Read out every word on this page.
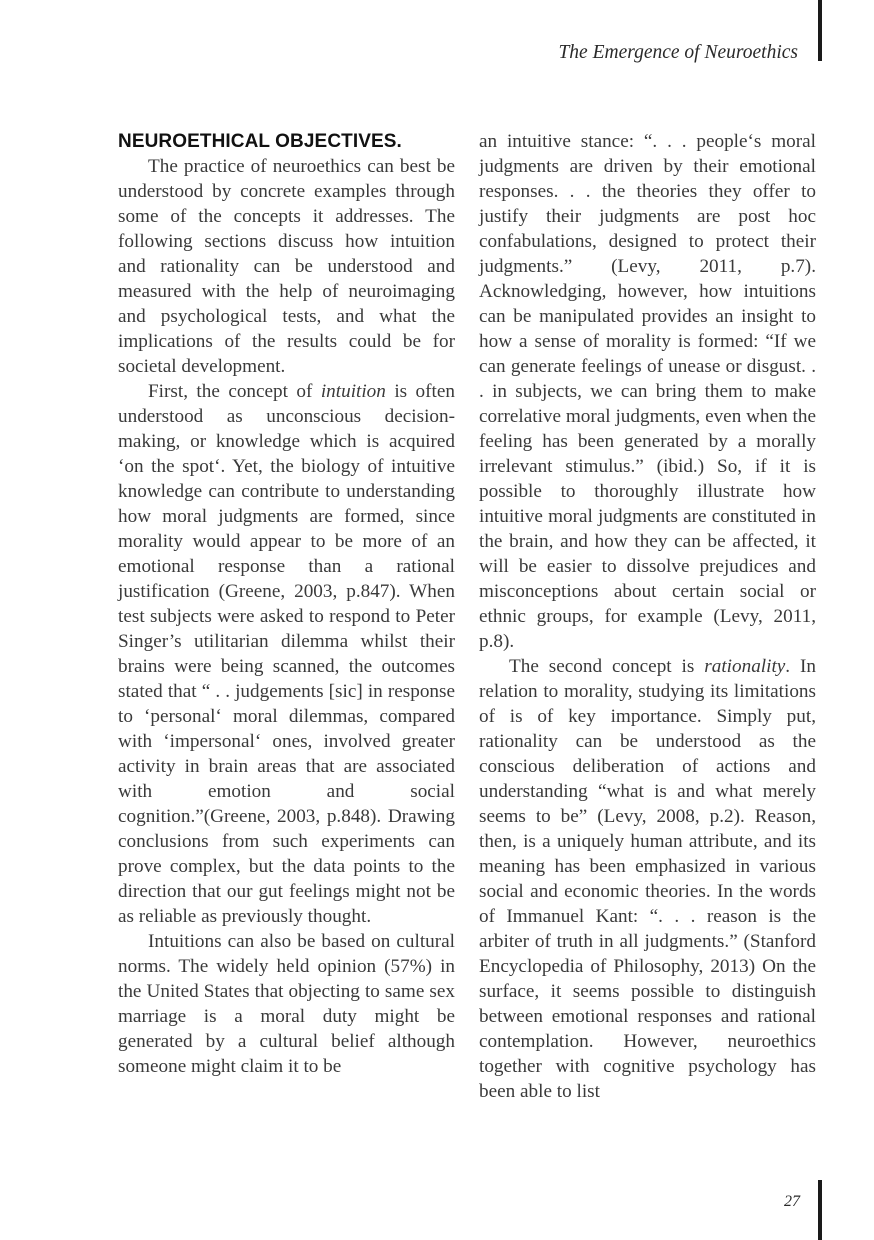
The Emergence of Neuroethics
NEUROETHICAL OBJECTIVES.

The practice of neuroethics can best be understood by concrete examples through some of the concepts it addresses. The following sections discuss how intuition and rationality can be understood and measured with the help of neuroimaging and psychological tests, and what the implications of the results could be for societal development.

First, the concept of intuition is often understood as unconscious decision-making, or knowledge which is acquired ‘on the spot‘. Yet, the biology of intuitive knowledge can contribute to understanding how moral judgments are formed, since morality would appear to be more of an emotional response than a rational justification (Greene, 2003, p.847). When test subjects were asked to respond to Peter Singer’s utilitarian dilemma whilst their brains were being scanned, the outcomes stated that “ . . judgements [sic] in response to ‘personal‘ moral dilemmas, compared with ‘impersonal‘ ones, involved greater activity in brain areas that are associated with emotion and social cognition.”(Greene, 2003, p.848). Drawing conclusions from such experiments can prove complex, but the data points to the direction that our gut feelings might not be as reliable as previously thought.

Intuitions can also be based on cultural norms. The widely held opinion (57%) in the United States that objecting to same sex marriage is a moral duty might be generated by a cultural belief although someone might claim it to be

an intuitive stance: “. . . people‘s moral judgments are driven by their emotional responses. . . the theories they offer to justify their judgments are post hoc confabulations, designed to protect their judgments.” (Levy, 2011, p.7). Acknowledging, however, how intuitions can be manipulated provides an insight to how a sense of morality is formed: “If we can generate feelings of unease or disgust. . . in subjects, we can bring them to make correlative moral judgments, even when the feeling has been generated by a morally irrelevant stimulus.” (ibid.) So, if it is possible to thoroughly illustrate how intuitive moral judgments are constituted in the brain, and how they can be affected, it will be easier to dissolve prejudices and misconceptions about certain social or ethnic groups, for example (Levy, 2011, p.8).

The second concept is rationality. In relation to morality, studying its limitations of is of key importance. Simply put, rationality can be understood as the conscious deliberation of actions and understanding “what is and what merely seems to be” (Levy, 2008, p.2). Reason, then, is a uniquely human attribute, and its meaning has been emphasized in various social and economic theories. In the words of Immanuel Kant: “. . . reason is the arbiter of truth in all judgments.” (Stanford Encyclopedia of Philosophy, 2013) On the surface, it seems possible to distinguish between emotional responses and rational contemplation. However, neuroethics together with cognitive psychology has been able to list

27
